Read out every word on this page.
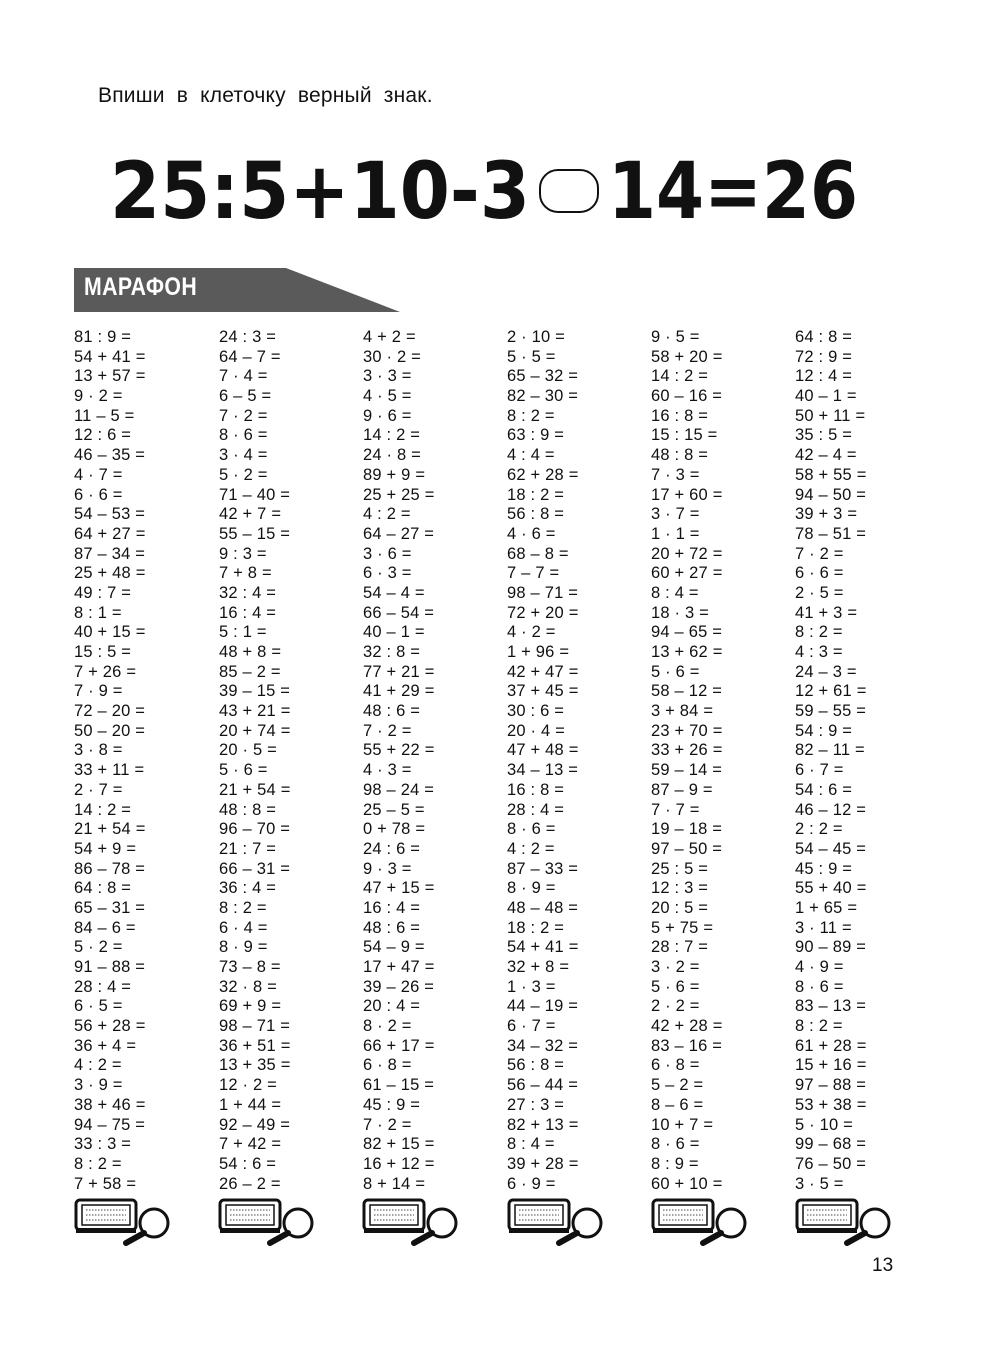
Впиши в клеточку верный знак.
25:5+10-3 14=26
МАРАФОН
81 : 9 =
54 + 41 =
13 + 57 =
9 · 2 =
11 – 5 =
12 : 6 =
46 – 35 =
4 · 7 =
6 · 6 =
54 – 53 =
64 + 27 =
87 – 34 =
25 + 48 =
49 : 7 =
8 : 1 =
40 + 15 =
15 : 5 =
7 + 26 =
7 · 9 =
72 – 20 =
50 – 20 =
3 · 8 =
33 + 11 =
2 · 7 =
14 : 2 =
21 + 54 =
54 + 9 =
86 – 78 =
64 : 8 =
65 – 31 =
84 – 6 =
5 · 2 =
91 – 88 =
28 : 4 =
6 · 5 =
56 + 28 =
36 + 4 =
4 : 2 =
3 · 9 =
38 + 46 =
94 – 75 =
33 : 3 =
8 : 2 =
7 + 58 =
24 : 3 =
64 – 7 =
7 · 4 =
6 – 5 =
7 · 2 =
8 · 6 =
3 · 4 =
5 · 2 =
71 – 40 =
42 + 7 =
55 – 15 =
9 : 3 =
7 + 8 =
32 : 4 =
16 : 4 =
5 : 1 =
48 + 8 =
85 – 2 =
39 – 15 =
43 + 21 =
20 + 74 =
20 · 5 =
5 · 6 =
21 + 54 =
48 : 8 =
96 – 70 =
21 : 7 =
66 – 31 =
36 : 4 =
8 : 2 =
6 · 4 =
8 · 9 =
73 – 8 =
32 · 8 =
69 + 9 =
98 – 71 =
36 + 51 =
13 + 35 =
12 · 2 =
1 + 44 =
92 – 49 =
7 + 42 =
54 : 6 =
26 – 2 =
4 + 2 =
30 · 2 =
3 · 3 =
4 · 5 =
9 · 6 =
14 : 2 =
24 · 8 =
89 + 9 =
25 + 25 =
4 : 2 =
64 – 27 =
3 · 6 =
6 · 3 =
54 – 4 =
66 – 54 =
40 – 1 =
32 : 8 =
77 + 21 =
41 + 29 =
48 : 6 =
7 · 2 =
55 + 22 =
4 · 3 =
98 – 24 =
25 – 5 =
0 + 78 =
24 : 6 =
9 · 3 =
47 + 15 =
16 : 4 =
48 : 6 =
54 – 9 =
17 + 47 =
39 – 26 =
20 : 4 =
8 · 2 =
66 + 17 =
6 · 8 =
61 – 15 =
45 : 9 =
7 · 2 =
82 + 15 =
16 + 12 =
8 + 14 =
2 · 10 =
5 · 5 =
65 – 32 =
82 – 30 =
8 : 2 =
63 : 9 =
4 : 4 =
62 + 28 =
18 : 2 =
56 : 8 =
4 · 6 =
68 – 8 =
7 – 7 =
98 – 71 =
72 + 20 =
4 · 2 =
1 + 96 =
42 + 47 =
37 + 45 =
30 : 6 =
20 · 4 =
47 + 48 =
34 – 13 =
16 : 8 =
28 : 4 =
8 · 6 =
4 : 2 =
87 – 33 =
8 · 9 =
48 – 48 =
18 : 2 =
54 + 41 =
32 + 8 =
1 · 3 =
44 – 19 =
6 · 7 =
34 – 32 =
56 : 8 =
56 – 44 =
27 : 3 =
82 + 13 =
8 : 4 =
39 + 28 =
6 · 9 =
9 · 5 =
58 + 20 =
14 : 2 =
60 – 16 =
16 : 8 =
15 : 15 =
48 : 8 =
7 · 3 =
17 + 60 =
3 · 7 =
1 · 1 =
20 + 72 =
60 + 27 =
8 : 4 =
18 · 3 =
94 – 65 =
13 + 62 =
5 · 6 =
58 – 12 =
3 + 84 =
23 + 70 =
33 + 26 =
59 – 14 =
87 – 9 =
7 · 7 =
19 – 18 =
97 – 50 =
25 : 5 =
12 : 3 =
20 : 5 =
5 + 75 =
28 : 7 =
3 · 2 =
5 · 6 =
2 · 2 =
42 + 28 =
83 – 16 =
6 · 8 =
5 – 2 =
8 – 6 =
10 + 7 =
8 · 6 =
8 : 9 =
60 + 10 =
64 : 8 =
72 : 9 =
12 : 4 =
40 – 1 =
50 + 11 =
35 : 5 =
42 – 4 =
58 + 55 =
94 – 50 =
39 + 3 =
78 – 51 =
7 · 2 =
6 · 6 =
2 · 5 =
41 + 3 =
8 : 2 =
4 : 3 =
24 – 3 =
12 + 61 =
59 – 55 =
54 : 9 =
82 – 11 =
6 · 7 =
54 : 6 =
46 – 12 =
2 : 2 =
54 – 45 =
45 : 9 =
55 + 40 =
1 + 65 =
3 · 11 =
90 – 89 =
4 · 9 =
8 · 6 =
83 – 13 =
8 : 2 =
61 + 28 =
15 + 16 =
97 – 88 =
53 + 38 =
5 · 10 =
99 – 68 =
76 – 50 =
3 · 5 =
13
